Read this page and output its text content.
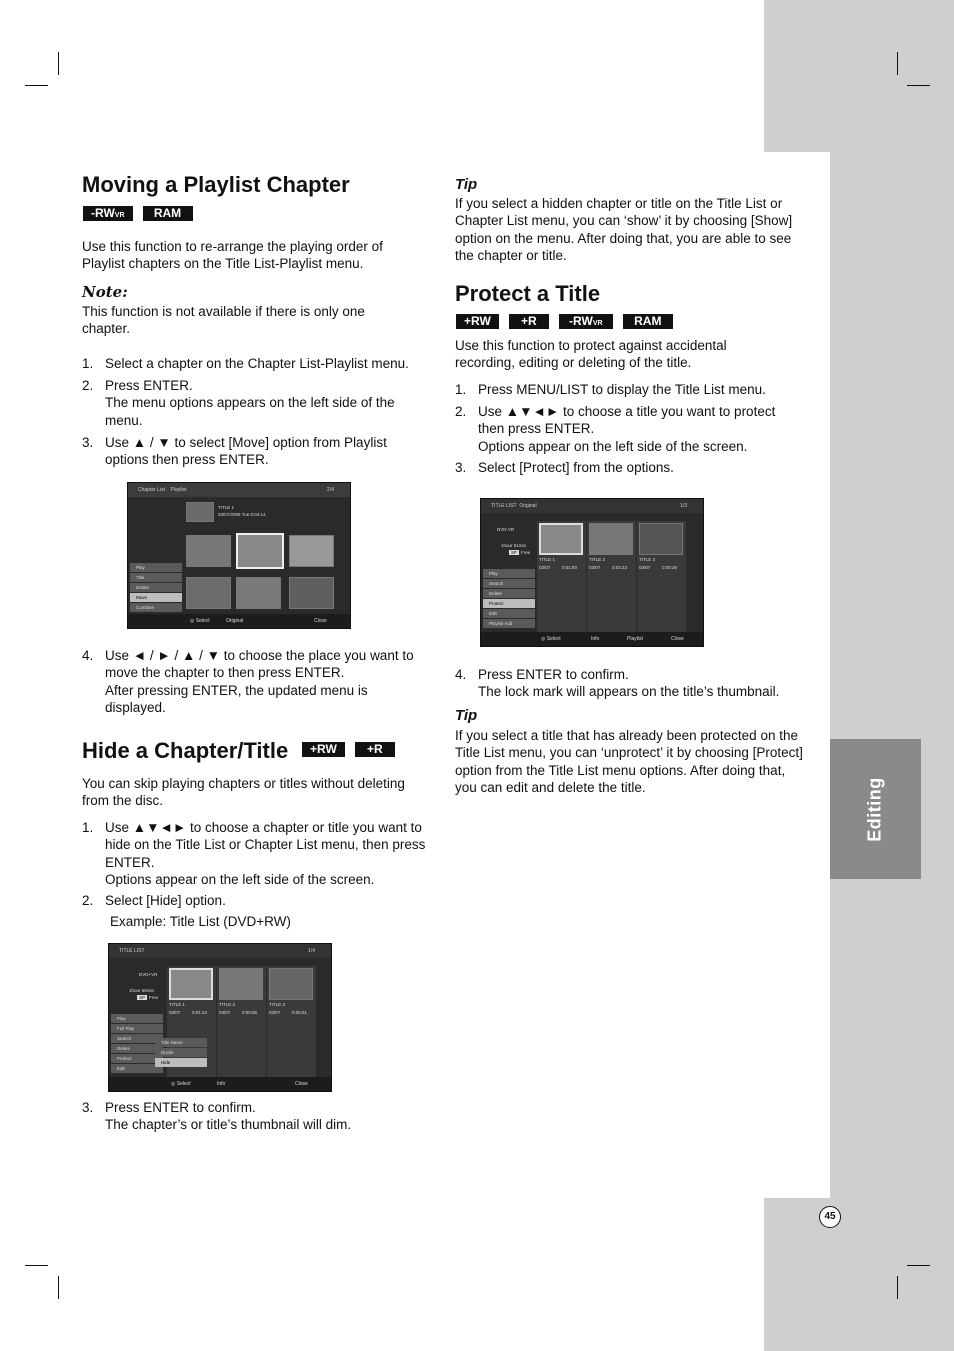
Editing
45
Moving a Playlist Chapter
-RWVR	RAM

Use this function to re-arrange the playing order of Playlist chapters on the Title List-Playlist menu.

Note:

This function is not available if there is only one chapter.

1. Select a chapter on the Chapter List-Playlist menu.
2. Press ENTER.
The menu options appears on the left side of the menu.
3. Use ▲ / ▼ to select [Move] option from Playlist options then press ENTER.
Chapter List Playlist	2/4
TITLE 1
03/07/2006 Tue 0:04:14
Play
Title
Delete
Move
Combine
◎ Select	Original	Close
4. Use ◄ / ► / ▲ / ▼ to choose the place you want to move the chapter to then press ENTER.
After pressing ENTER, the updated menu is displayed.
Hide a Chapter/Title	+RW	+R

You can skip playing chapters or titles without deleting from the disc.

1. Use ▲▼◄► to choose a chapter or title you want to hide on the Title List or Chapter List menu, then press ENTER.
Options appear on the left side of the screen.
2. Select [Hide] option.
Example: Title List (DVD+RW)
TITLE LIST	1/4
DVD+VR
1hour 55min
SP Free
TITLE 1
03/07	0:01:23
TITLE 2
03/07	0:00:55
TITLE 3
03/07	0:05:51
Play
Full Play
Search
Delete
Protect
Edit
Title Name
Divide
Hide
◎ Select	Info	Close
3. Press ENTER to confirm.
The chapter’s or title’s thumbnail will dim.
Tip

If you select a hidden chapter or title on the Title List or Chapter List menu, you can ‘show’ it by choosing [Show] option on the menu. After doing that, you are able to see the chapter or title.

Protect a Title
+RW	+R	-RWVR	RAM

Use this function to protect against accidental recording, editing or deleting of the title.

1. Press MENU/LIST to display the Title List menu.
2. Use ▲▼◄► to choose a title you want to protect then press ENTER.
Options appear on the left side of the screen.
3. Select [Protect] from the options.
TITLE LIST Original	1/3
DVD-VR
1hour 51min
SP Free
TITLE 1
03/07	0:01:50
TITLE 2
03/07	0:02:23
TITLE 3
03/07	0:00:26
Play
Search
Delete
Protect
Edit
Playlist Add
◎ Select	Info	Playlist	Close
4. Press ENTER to confirm.
The lock mark will appears on the title’s thumbnail.
Tip

If you select a title that has already been protected on the Title List menu, you can ‘unprotect’ it by choosing [Protect] option from the Title List menu options. After doing that, you can edit and delete the title.
